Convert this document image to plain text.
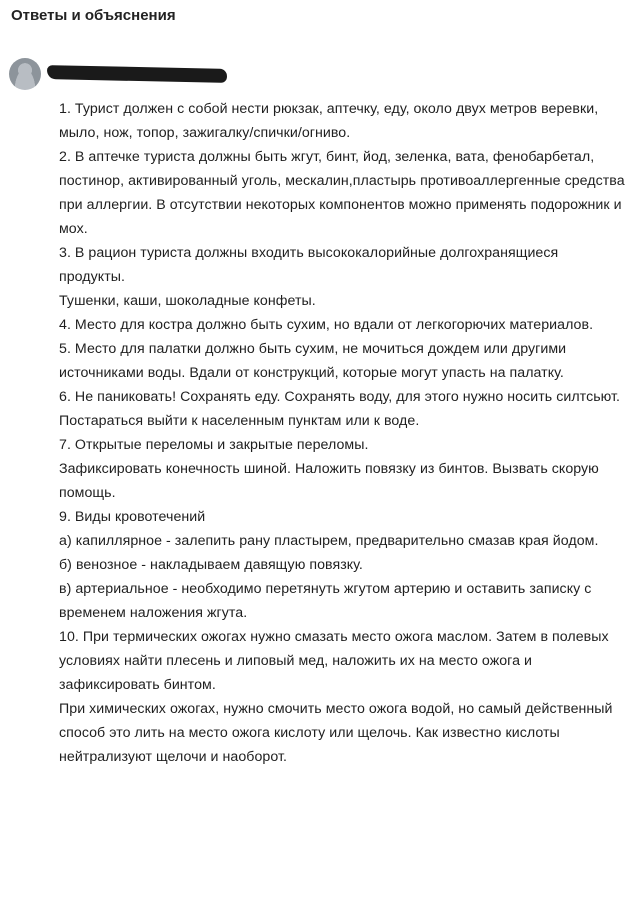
Ответы и объяснения

1. Турист должен с собой нести рюкзак, аптечку, еду, около двух метров веревки, мыло, нож, топор, зажигалку/спички/огниво.

2. В аптечке туриста должны быть жгут, бинт, йод, зеленка, вата, фенобарбетал, постинор, активированный уголь, мескалин,пластырь противоаллергенные средства при аллергии. В отсутствии некоторых компонентов можно применять подорожник и мох.

3. В рацион туриста должны входить высококалорийные долгохранящиеся продукты.

Тушенки, каши, шоколадные конфеты.

4. Место для костра должно быть сухим, но вдали от легкогорючих материалов.

5. Место для палатки должно быть сухим, не мочиться дождем или другими источниками воды. Вдали от конструкций, которые могут упасть на палатку.

6. Не паниковать! Сохранять еду. Сохранять воду, для этого нужно носить силтсьют. Постараться выйти к населенным пунктам или к воде.

7. Открытые переломы и закрытые переломы.

Зафиксировать конечность шиной. Наложить повязку из бинтов. Вызвать скорую помощь.

9. Виды кровотечений

а) капиллярное - залепить рану пластырем, предварительно смазав края йодом.

б) венозное - накладываем давящую повязку.

в) артериальное - необходимо перетянуть жгутом артерию и оставить записку с временем наложения жгута.

10. При термических ожогах нужно смазать место ожога маслом. Затем в полевых условиях найти плесень и липовый мед, наложить их на место ожога и зафиксировать бинтом.

При химических ожогах, нужно смочить место ожога водой, но самый действенный способ это лить на место ожога кислоту или щелочь. Как известно кислоты нейтрализуют щелочи и наоборот.
